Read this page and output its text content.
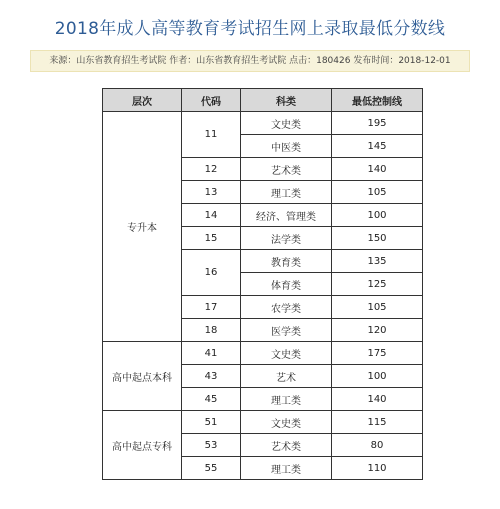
2018年成人高等教育考试招生网上录取最低分数线
来源：山东省教育招生考试院 作者：山东省教育招生考试院 点击：180426 发布时间：2018-12-01
层次	代码	科类	最低控制线
专升本	11	文史类	195
		中医类	145
	12	艺术类	140
	13	理工类	105
	14	经济、管理类	100
	15	法学类	150
	16	教育类	135
		体育类	125
	17	农学类	105
	18	医学类	120
高中起点本科	41	文史类	175
	43	艺术	100
	45	理工类	140
高中起点专科	51	文史类	115
	53	艺术类	80
	55	理工类	110
